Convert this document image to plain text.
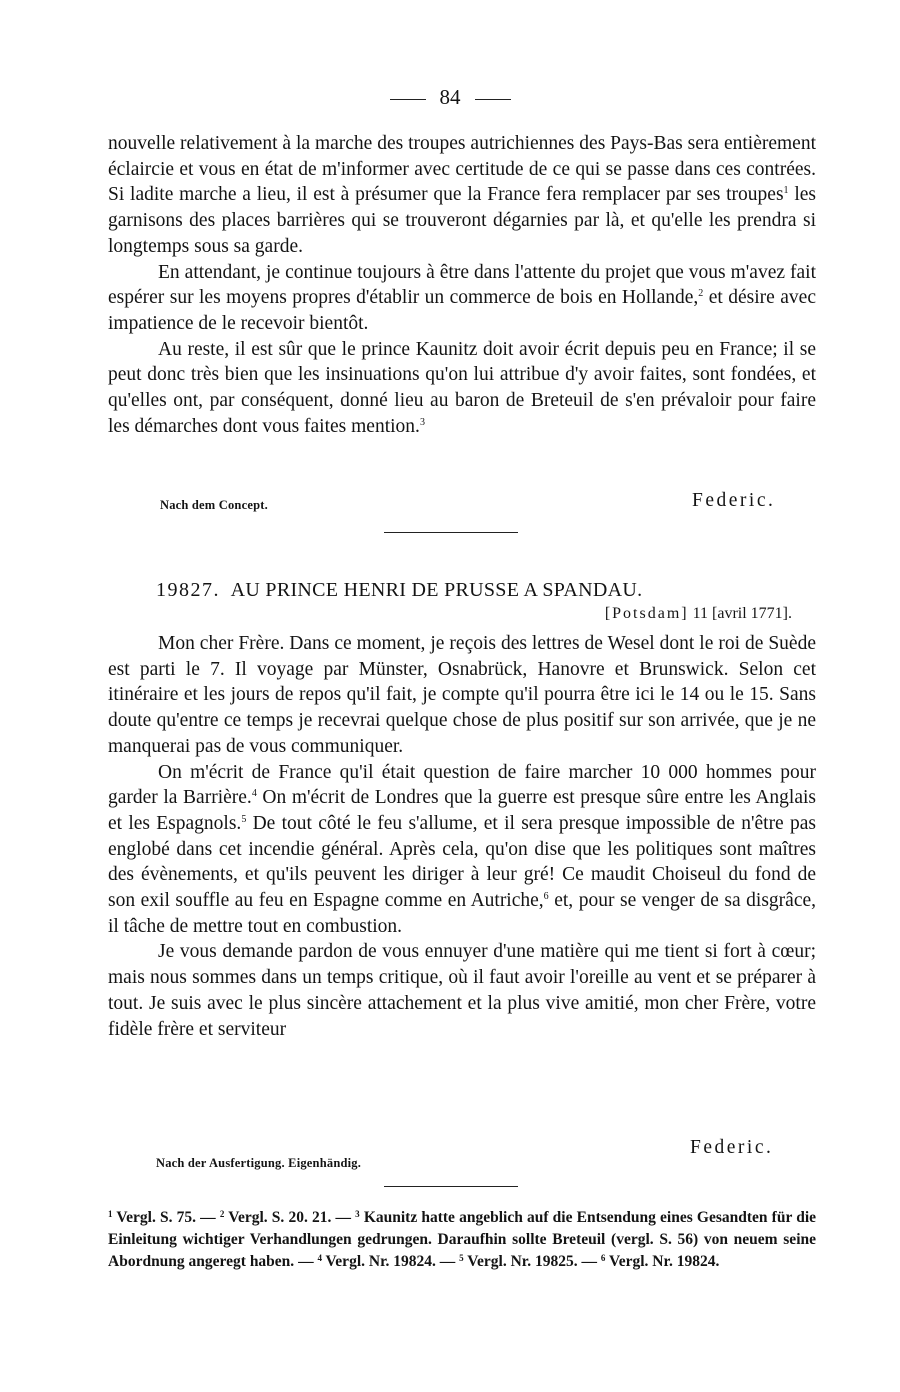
84

nouvelle relativement à la marche des troupes autrichiennes des Pays-Bas sera entièrement éclaircie et vous en état de m'informer avec certitude de ce qui se passe dans ces contrées. Si ladite marche a lieu, il est à présumer que la France fera remplacer par ses troupes$^1$ les garnisons des places barrières qui se trouveront dégarnies par là, et qu'elle les prendra si longtemps sous sa garde.

En attendant, je continue toujours à être dans l'attente du projet que vous m'avez fait espérer sur les moyens propres d'établir un commerce de bois en Hollande,$^2$ et désire avec impatience de le recevoir bientôt.

Au reste, il est sûr que le prince Kaunitz doit avoir écrit depuis peu en France; il se peut donc très bien que les insinuations qu'on lui attribue d'y avoir faites, sont fondées, et qu'elles ont, par conséquent, donné lieu au baron de Breteuil de s'en prévaloir pour faire les démarches dont vous faites mention.$^3$

Nach dem Concept.	Federic.
19827. AU PRINCE HENRI DE PRUSSE A SPANDAU.
[Potsdam] 11 [avril 1771].

Mon cher Frère. Dans ce moment, je reçois des lettres de Wesel dont le roi de Suède est parti le 7. Il voyage par Münster, Osnabrück, Hanovre et Brunswick. Selon cet itinéraire et les jours de repos qu'il fait, je compte qu'il pourra être ici le 14 ou le 15. Sans doute qu'entre ce temps je recevrai quelque chose de plus positif sur son arrivée, que je ne manquerai pas de vous communiquer.

On m'écrit de France qu'il était question de faire marcher 10 000 hommes pour garder la Barrière.$^4$ On m'écrit de Londres que la guerre est presque sûre entre les Anglais et les Espagnols.$^5$ De tout côté le feu s'allume, et il sera presque impossible de n'être pas englobé dans cet incendie général. Après cela, qu'on dise que les politiques sont maîtres des évènements, et qu'ils peuvent les diriger à leur gré! Ce maudit Choiseul du fond de son exil souffle au feu en Espagne comme en Autriche,$^6$ et, pour se venger de sa disgrâce, il tâche de mettre tout en combustion.

Je vous demande pardon de vous ennuyer d'une matière qui me tient si fort à cœur; mais nous sommes dans un temps critique, où il faut avoir l'oreille au vent et se préparer à tout. Je suis avec le plus sincère attachement et la plus vive amitié, mon cher Frère, votre fidèle frère et serviteur

Nach der Ausfertigung. Eigenhändig.
Federic.
$^1$ Vergl. S. 75. — $^2$ Vergl. S. 20. 21. — $^3$ Kaunitz hatte angeblich auf die Entsendung eines Gesandten für die Einleitung wichtiger Verhandlungen gedrungen. Daraufhin sollte Breteuil (vergl. S. 56) von neuem seine Abordnung angeregt haben. — $^4$ Vergl. Nr. 19824. — $^5$ Vergl. Nr. 19825. — $^6$ Vergl. Nr. 19824.
